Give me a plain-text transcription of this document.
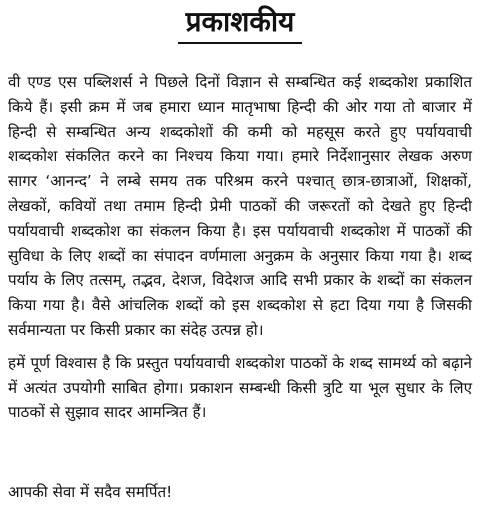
प्रकाशकीय

वी एण्ड एस पब्लिशर्स ने पिछले दिनों विज्ञान से सम्बन्धित कई शब्दकोश प्रकाशित किये हैं। इसी क्रम में जब हमारा ध्यान मातृभाषा हिन्दी की ओर गया तो बाजार में हिन्दी से सम्बन्धित अन्य शब्दकोशों की कमी को महसूस करते हुए पर्यायवाची शब्दकोश संकलित करने का निश्चय किया गया। हमारे निर्देशानुसार लेखक अरुण सागर ‘आनन्द’ ने लम्बे समय तक परिश्रम करने पश्चात् छात्र-छात्राओं, शिक्षकों, लेखकों, कवियों तथा तमाम हिन्दी प्रेमी पाठकों की जरूरतों को देखते हुए हिन्दी पर्यायवाची शब्दकोश का संकलन किया है। इस पर्यायवाची शब्दकोश में पाठकों की सुविधा के लिए शब्दों का संपादन वर्णमाला अनुक्रम के अनुसार किया गया है। शब्द पर्याय के लिए तत्सम्, तद्भव, देशज, विदेशज आदि सभी प्रकार के शब्दों का संकलन किया गया है। वैसे आंचलिक शब्दों को इस शब्दकोश से हटा दिया गया है जिसकी सर्वमान्यता पर किसी प्रकार का संदेह उत्पन्न हो।

हमें पूर्ण विश्वास है कि प्रस्तुत पर्यायवाची शब्दकोश पाठकों के शब्द सामर्थ्य को बढ़ाने में अत्यंत उपयोगी साबित होगा। प्रकाशन सम्बन्धी किसी त्रुटि या भूल सुधार के लिए पाठकों से सुझाव सादर आमन्त्रित हैं।

आपकी सेवा में सदैव समर्पित!
